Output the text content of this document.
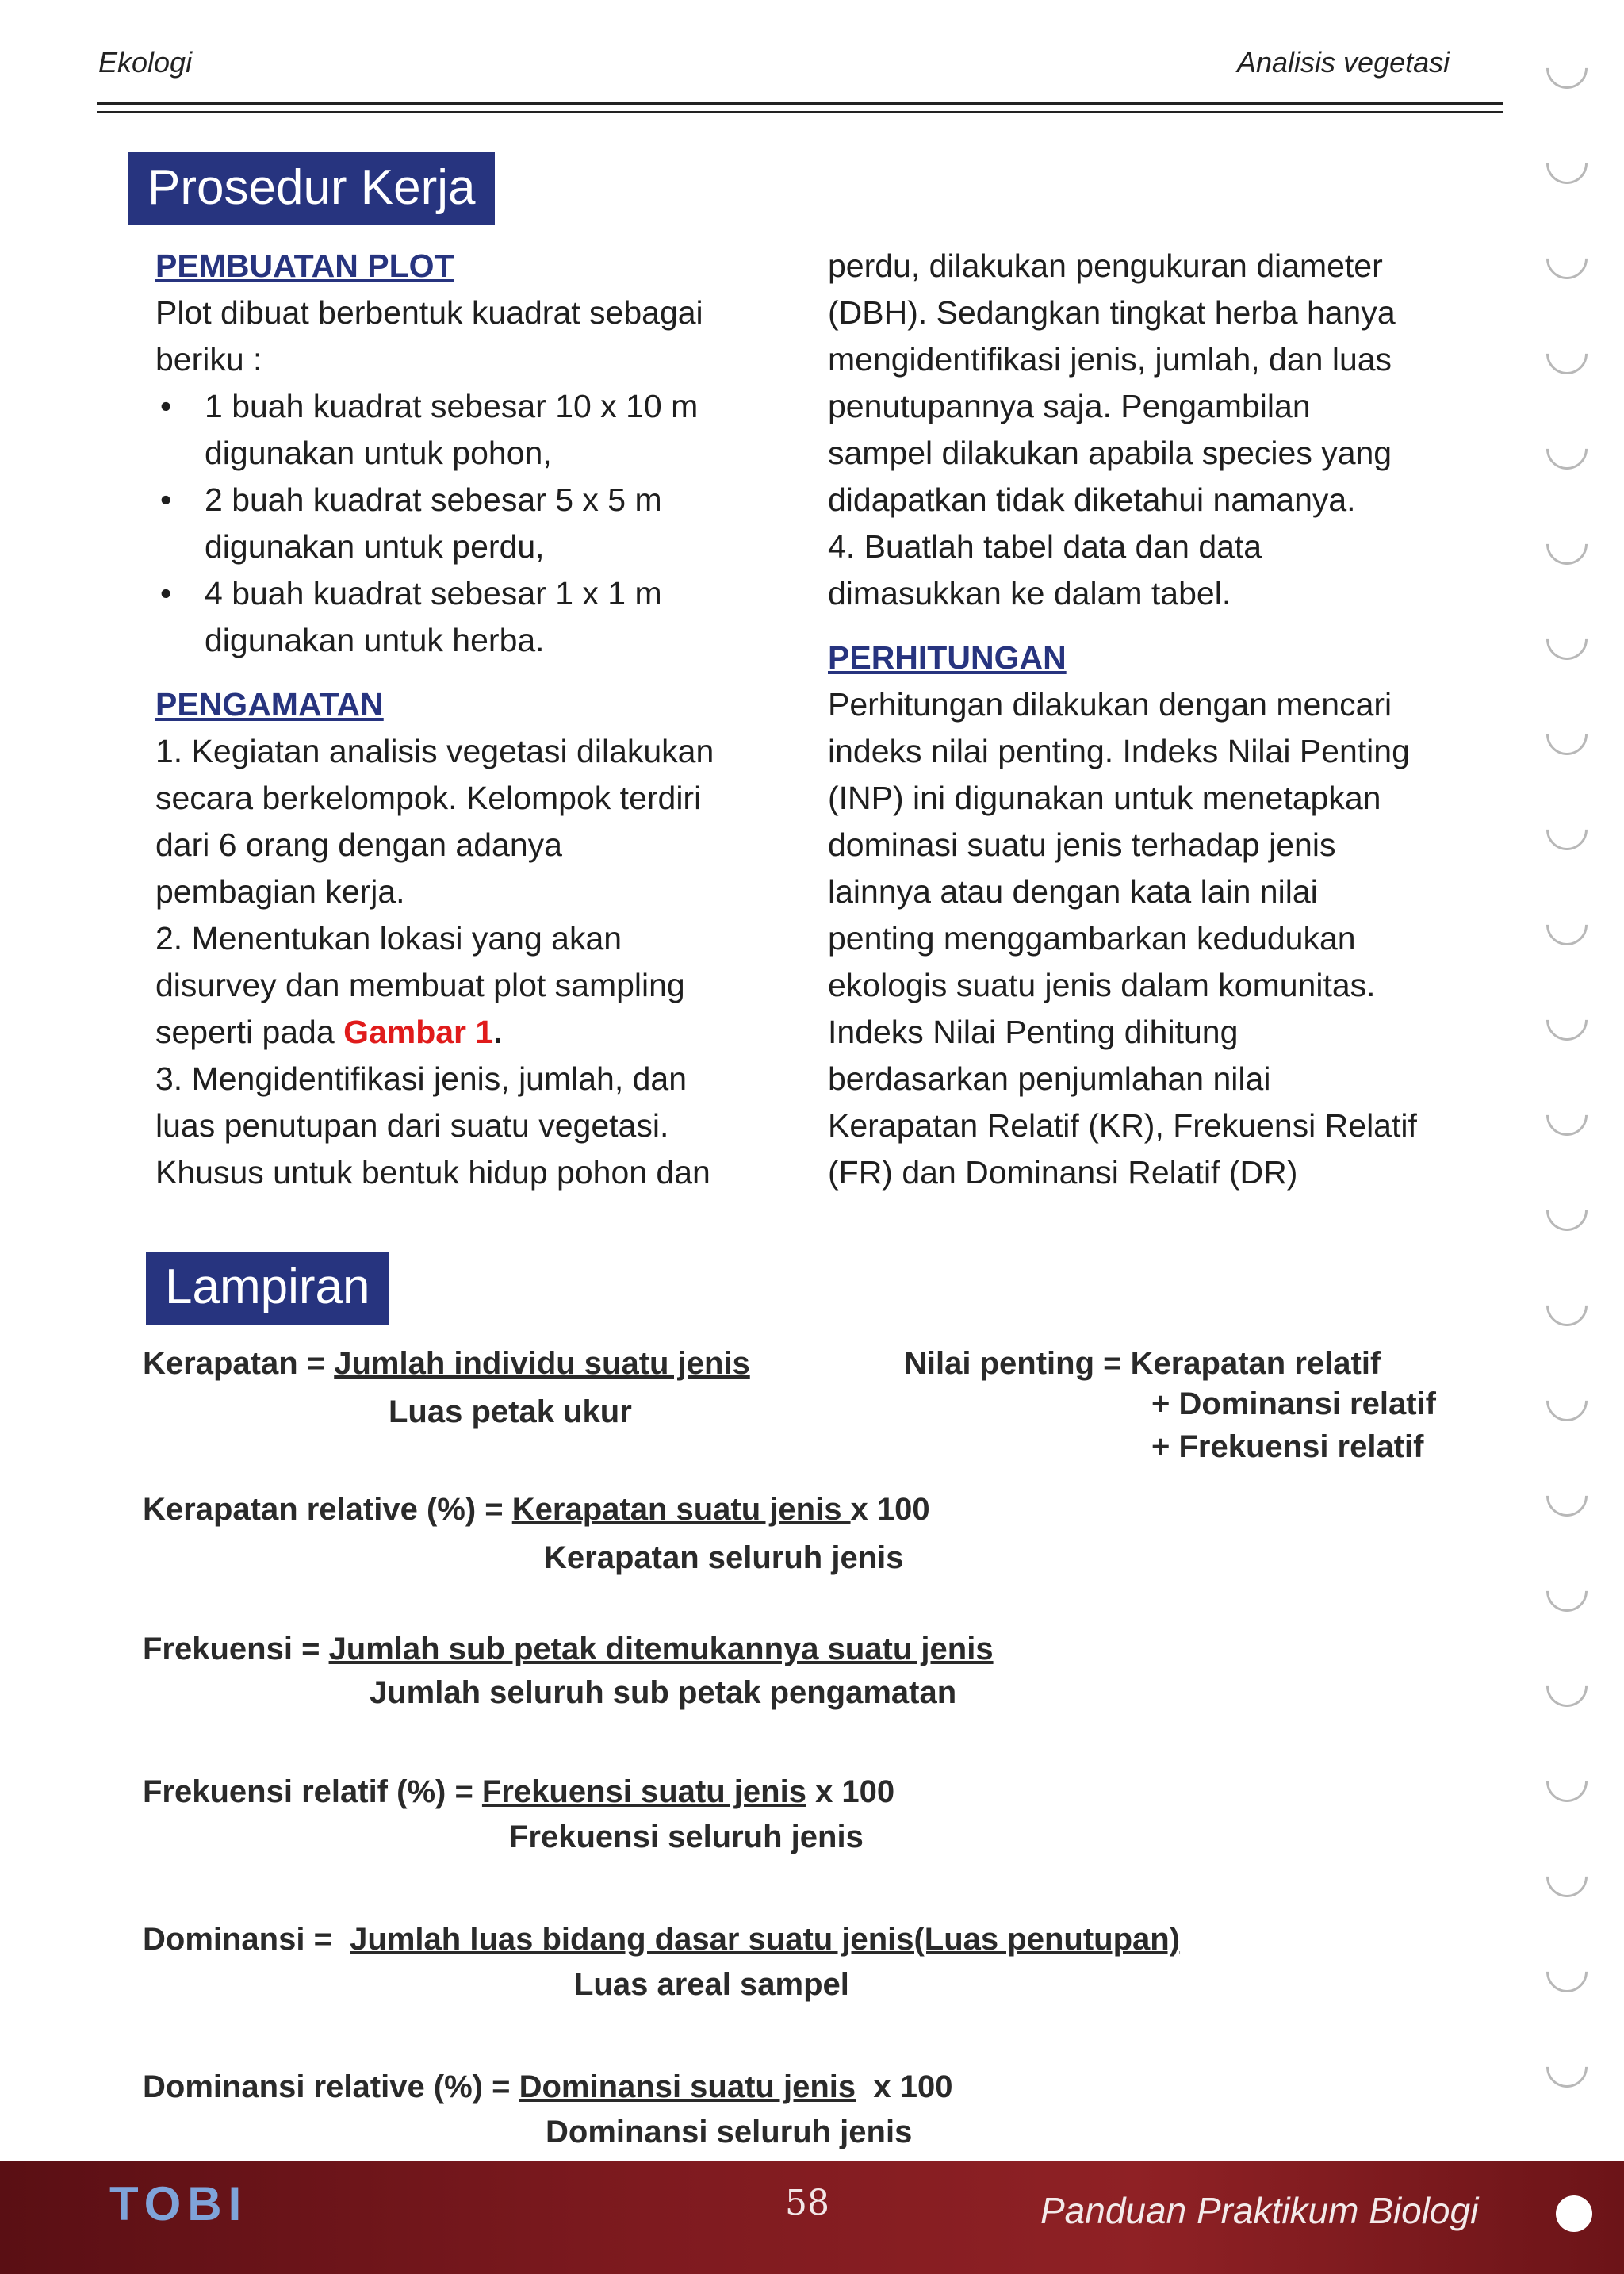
Ekologi	Analisis vegetasi
Prosedur Kerja
PEMBUATAN PLOT
Plot dibuat berbentuk kuadrat sebagai
beriku :
• 1 buah kuadrat sebesar 10 x 10 m
digunakan untuk pohon,
• 2 buah kuadrat sebesar 5 x 5 m
digunakan untuk perdu,
• 4 buah kuadrat sebesar 1 x 1 m
digunakan untuk herba.
PENGAMATAN
1. Kegiatan analisis vegetasi dilakukan
secara berkelompok. Kelompok terdiri
dari 6 orang dengan adanya
pembagian kerja.
2. Menentukan lokasi yang akan
disurvey dan membuat plot sampling
seperti pada Gambar 1.
3. Mengidentifikasi jenis, jumlah, dan
luas penutupan dari suatu vegetasi.
Khusus untuk bentuk hidup pohon dan
perdu, dilakukan pengukuran diameter
(DBH). Sedangkan tingkat herba hanya
mengidentifikasi jenis, jumlah, dan luas
penutupannya saja. Pengambilan
sampel dilakukan apabila species yang
didapatkan tidak diketahui namanya.
4. Buatlah tabel data dan data
dimasukkan ke dalam tabel.
PERHITUNGAN
Perhitungan dilakukan dengan mencari
indeks nilai penting. Indeks Nilai Penting
(INP) ini digunakan untuk menetapkan
dominasi suatu jenis terhadap jenis
lainnya atau dengan kata lain nilai
penting menggambarkan kedudukan
ekologis suatu jenis dalam komunitas.
Indeks Nilai Penting dihitung
berdasarkan penjumlahan nilai
Kerapatan Relatif (KR), Frekuensi Relatif
(FR) dan Dominansi Relatif (DR)
Lampiran
Kerapatan = Jumlah individu suatu jenis
Luas petak ukur
Nilai penting = Kerapatan relatif
+ Dominansi relatif
+ Frekuensi relatif
Kerapatan relative (%) = Kerapatan suatu jenis x 100
Kerapatan seluruh jenis
Frekuensi = Jumlah sub petak ditemukannya suatu jenis
Jumlah seluruh sub petak pengamatan
Frekuensi relatif (%) = Frekuensi suatu jenis x 100
Frekuensi seluruh jenis
Dominansi =  Jumlah luas bidang dasar suatu jenis(Luas penutupan)
Luas areal sampel
Dominansi relative (%) = Dominansi suatu jenis  x 100
Dominansi seluruh jenis
TOBI	58	Panduan Praktikum Biologi
